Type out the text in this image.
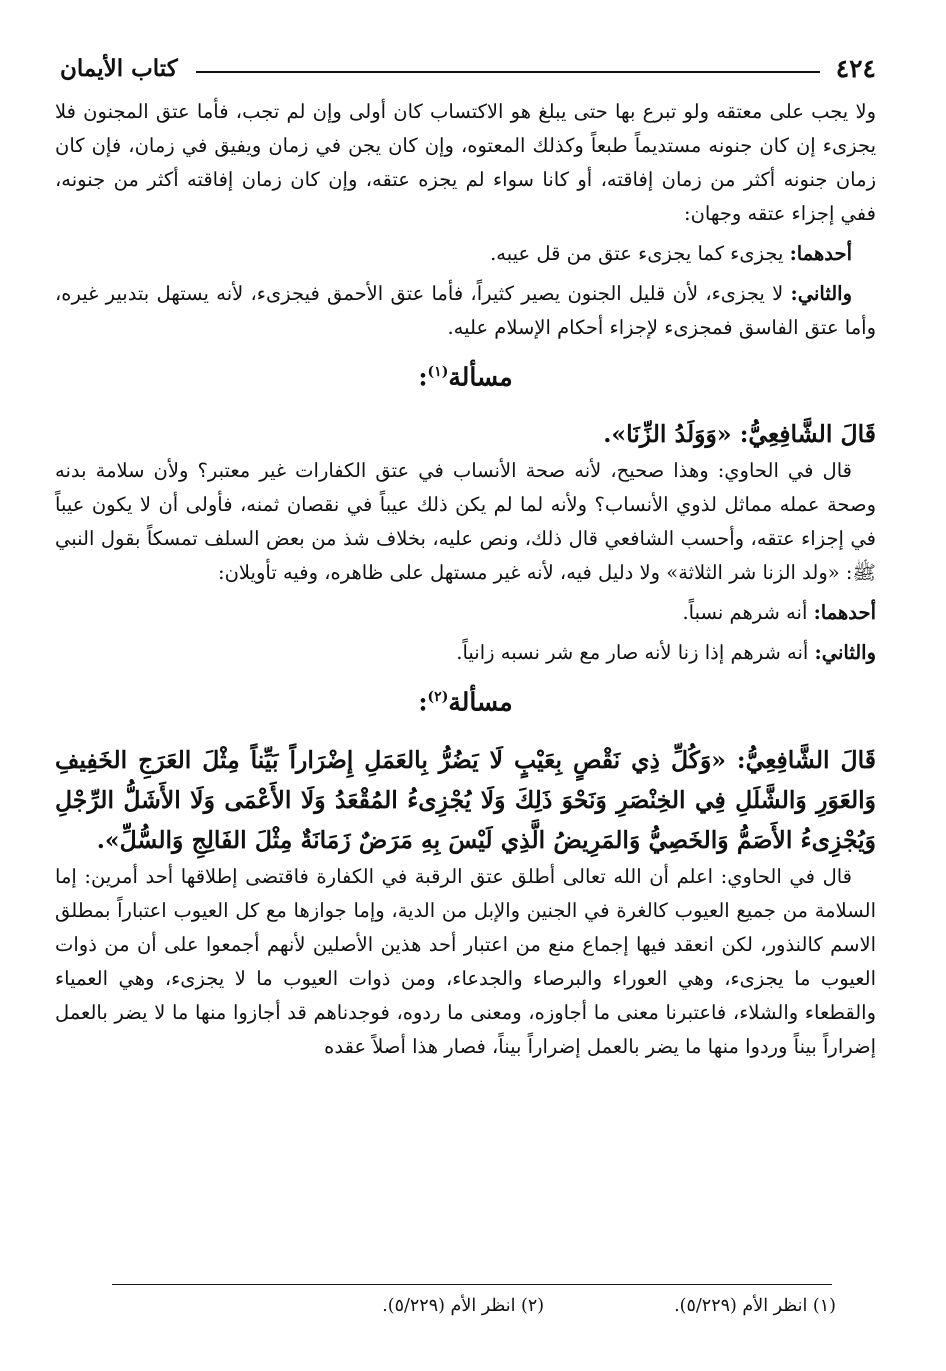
٤٢٤
كتاب الأيمان

ولا يجب على معتقه ولو تبرع بها حتى يبلغ هو الاكتساب كان أولى وإن لم تجب، فأما عتق المجنون فلا يجزىء إن كان جنونه مستديماً طبعاً وكذلك المعتوه، وإن كان يجن في زمان ويفيق في زمان، فإن كان زمان جنونه أكثر من زمان إفاقته، أو كانا سواء لم يجزه عتقه، وإن كان زمان إفاقته أكثر من جنونه، ففي إجزاء عتقه وجهان:

أحدهما: يجزىء كما يجزىء عتق من قل عيبه.

والثاني: لا يجزىء، لأن قليل الجنون يصير كثيراً، فأما عتق الأحمق فيجزىء، لأنه يستهل بتدبير غيره، وأما عتق الفاسق فمجزىء لإجزاء أحكام الإسلام عليه.

مسألة$^{(١)}$:

قَالَ الشَّافِعِيُّ: «وَوَلَدُ الزِّنَا».

قال في الحاوي: وهذا صحيح، لأنه صحة الأنساب في عتق الكفارات غير معتبر؟ ولأن سلامة بدنه وصحة عمله مماثل لذوي الأنساب؟ ولأنه لما لم يكن ذلك عيباً في نقصان ثمنه، فأولى أن لا يكون عيباً في إجزاء عتقه، وأحسب الشافعي قال ذلك، ونص عليه، بخلاف شذ من بعض السلف تمسكاً بقول النبي ﷺ: «ولد الزنا شر الثلاثة» ولا دليل فيه، لأنه غير مستهل على ظاهره، وفيه تأويلان:

أحدهما: أنه شرهم نسباً.

والثاني: أنه شرهم إذا زنا لأنه صار مع شر نسبه زانياً.

مسألة$^{(٢)}$:

قَالَ الشَّافِعِيُّ: «وَكُلِّ ذِي نَقْصٍ بِعَيْبٍ لَا يَضُرُّ بِالعَمَلِ إِضْرَاراً بَيِّناً مِثْلَ العَرَجِ الخَفِيفِ وَالعَوَرِ وَالشَّلَلِ فِي الخِنْصَرِ وَنَحْوَ ذَلِكَ وَلَا يُجْزِىءُ المُقْعَدُ وَلَا الأَعْمَى وَلَا الأَشَلُّ الرِّجْلِ وَيُجْزِىءُ الأَصَمُّ وَالخَصِيُّ وَالمَرِيضُ الَّذِي لَيْسَ بِهِ مَرَضٌ زَمَانَةٌ مِثْلَ الفَالِجِ وَالسُّلِّ».

قال في الحاوي: اعلم أن الله تعالى أطلق عتق الرقبة في الكفارة فاقتضى إطلاقها أحد أمرين: إما السلامة من جميع العيوب كالغرة في الجنين والإبل من الدية، وإما جوازها مع كل العيوب اعتباراً بمطلق الاسم كالنذور، لكن انعقد فيها إجماع منع من اعتبار أحد هذين الأصلين لأنهم أجمعوا على أن من ذوات العيوب ما يجزىء، وهي العوراء والبرصاء والجدعاء، ومن ذوات العيوب ما لا يجزىء، وهي العمياء والقطعاء والشلاء، فاعتبرنا معنى ما أجاوزه، ومعنى ما ردوه، فوجدناهم قد أجازوا منها ما لا يضر بالعمل إضراراً بيناً وردوا منها ما يضر بالعمل إضراراً بيناً، فصار هذا أصلاً عقده

(١) انظر الأم (٥/٢٢٩).
(٢) انظر الأم (٥/٢٢٩).
